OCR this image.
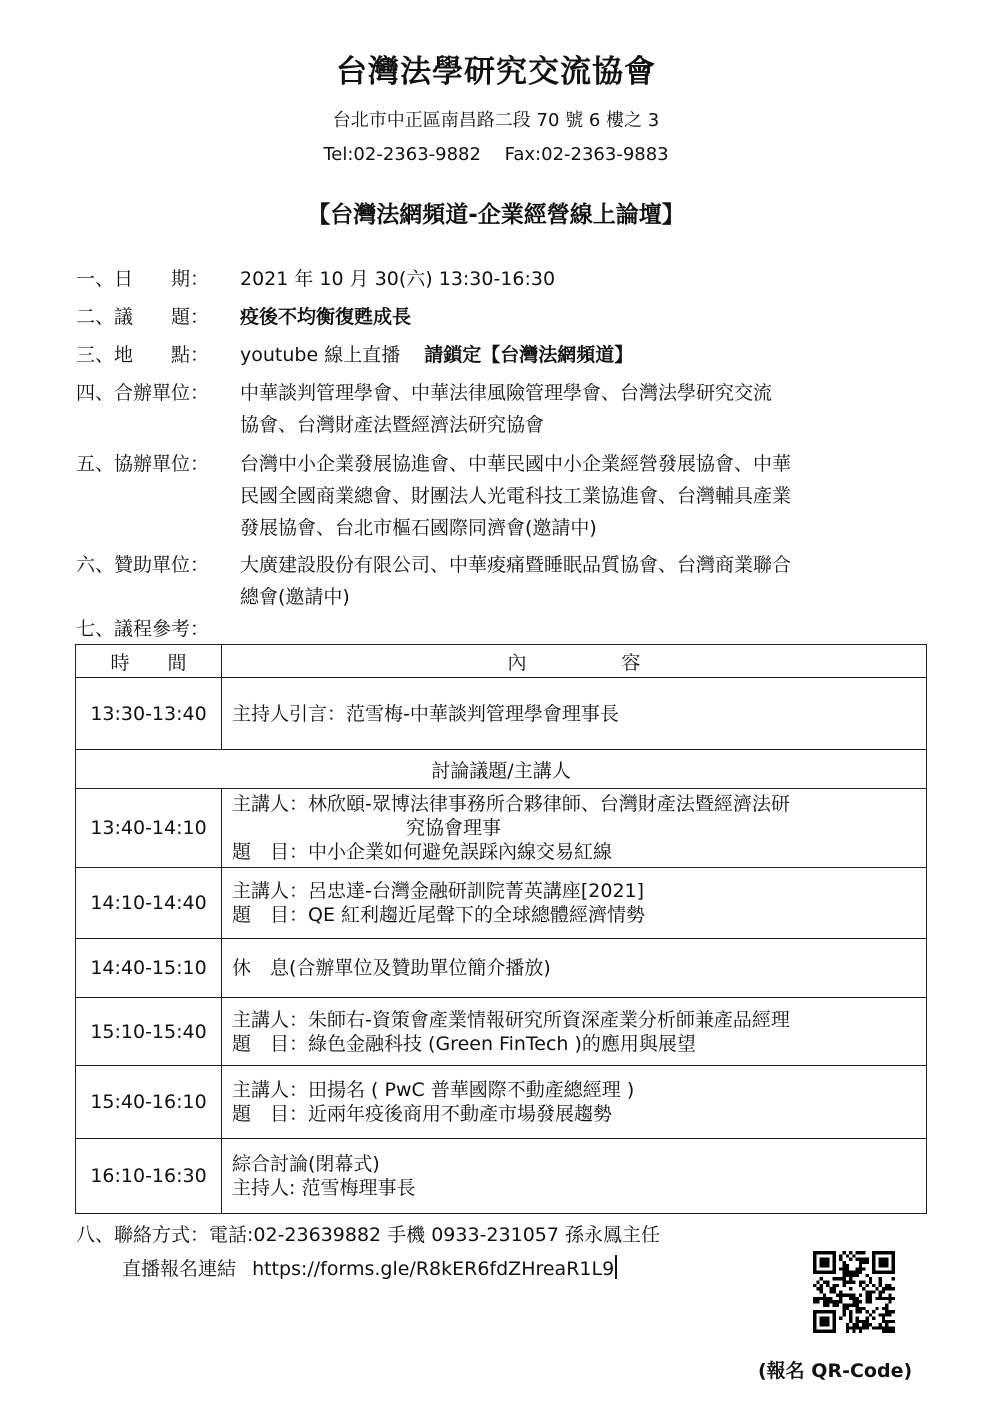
台灣法學研究交流協會
台北市中正區南昌路二段 70 號 6 樓之 3
Tel:02-2363-9882　 Fax:02-2363-9883
【台灣法網頻道-企業經營線上論壇】
一、日　　期：	2021 年 10 月 30(六) 13:30-16:30
二、議　　題：	疫後不均衡復甦成長
三、地　　點：	youtube 線上直播 請鎖定【台灣法網頻道】
四、合辦單位：	中華談判管理學會、中華法律風險管理學會、台灣法學研究交流
協會、台灣財產法暨經濟法研究協會
五、協辦單位：	台灣中小企業發展協進會、中華民國中小企業經營發展協會、中華
民國全國商業總會、財團法人光電科技工業協進會、台灣輔具產業
發展協會、台北市樞石國際同濟會(邀請中)
六、贊助單位：	大廣建設股份有限公司、中華痠痛暨睡眠品質協會、台灣商業聯合
總會(邀請中)
七、議程參考：
時　　間	內　　　　　容
13:30-13:40	主持人引言：范雪梅-中華談判管理學會理事長

討論議題/主講人	
13:40-14:10	主講人：林欣頤-眾博法律事務所合夥律師、台灣財產法暨經濟法研
究協會理事
題　目：中小企業如何避免誤踩內線交易紅線

14:10-14:40	主講人：呂忠達-台灣金融研訓院菁英講座[2021]
題　目：QE 紅利趨近尾聲下的全球總體經濟情勢

14:40-15:10	休　息(合辦單位及贊助單位簡介播放)

15:10-15:40	主講人：朱師右-資策會產業情報研究所資深產業分析師兼產品經理
題　目：綠色金融科技 (Green FinTech )的應用與展望

15:40-16:10	主講人：田揚名 ( PwC 普華國際不動產總經理 )
題　目：近兩年疫後商用不動產市場發展趨勢

16:10-16:30	綜合討論(閉幕式)
主持人: 范雪梅理事長
八、聯絡方式：電話:02-23639882 手機 0933-231057 孫永鳳主任
直播報名連結 https://forms.gle/R8kER6fdZHreaR1L9
(報名 QR-Code)
